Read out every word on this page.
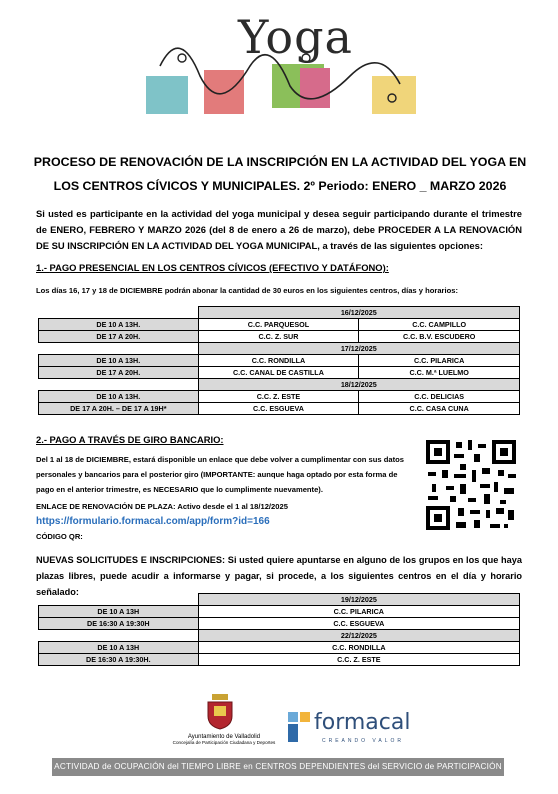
Yoga
PROCESO DE RENOVACIÓN DE LA INSCRIPCIÓN EN LA ACTIVIDAD DEL YOGA EN
LOS CENTROS CÍVICOS Y MUNICIPALES. 2º Periodo: ENERO _ MARZO 2026
Si usted es participante en la actividad del yoga municipal y desea seguir participando durante el trimestre de ENERO, FEBRERO Y MARZO 2026 (del 8 de enero a 26 de marzo), debe PROCEDER A LA RENOVACIÓN DE SU INSCRIPCIÓN EN LA ACTIVIDAD DEL YOGA MUNICIPAL, a través de las siguientes opciones:
1.- PAGO PRESENCIAL EN LOS CENTROS CÍVICOS (EFECTIVO Y DATÁFONO):
Los días 16, 17 y 18 de DICIEMBRE podrán abonar la cantidad de 30 euros en los siguientes centros, días y horarios:
	16/12/2025	
DE 10 A 13H.	C.C. PARQUESOL	C.C. CAMPILLO
DE 17 A 20H.	C.C. Z. SUR	C.C. B.V. ESCUDERO
	17/12/2025	
DE 10 A 13H.	C.C. RONDILLA	C.C. PILARICA
DE 17 A 20H.	C.C. CANAL DE CASTILLA	C.C. M.ª LUELMO
	18/12/2025	
DE 10 A 13H.	C.C. Z. ESTE	C.C. DELICIAS
DE 17 A 20H. – DE 17 A 19H*	C.C. ESGUEVA	C.C. CASA CUNA
2.- PAGO A TRAVÉS DE GIRO BANCARIO:
Del 1 al 18 de DICIEMBRE, estará disponible un enlace que debe volver a cumplimentar con sus datos personales y bancarios para el posterior giro (IMPORTANTE: aunque haga optado por esta forma de pago en el anterior trimestre, es NECESARIO que lo cumplimente nuevamente).
ENLACE DE RENOVACIÓN DE PLAZA: Activo desde el 1 al 18/12/2025
https://formulario.formacal.com/app/form?id=166
CÓDIGO QR:
NUEVAS SOLICITUDES E INSCRIPCIONES: Si usted quiere apuntarse en alguno de los grupos en los que haya plazas libres, puede acudir a informarse y pagar, si procede, a los siguientes centros en el día y horario señalado:
	19/12/2025
DE 10 A 13H	C.C. PILARICA
DE 16:30 A 19:30H	C.C. ESGUEVA
	22/12/2025
DE 10 A 13H	C.C. RONDILLA
DE 16:30 A 19:30H.	C.C. Z. ESTE
Ayuntamiento de Valladolid
Concejalía de Participación Ciudadana y Deportes
formacal
CREANDO VALOR
ACTIVIDAD de OCUPACIÓN del TIEMPO LIBRE en CENTROS DEPENDIENTES del SERVICIO de PARTICIPACIÓN CIUDADANA
